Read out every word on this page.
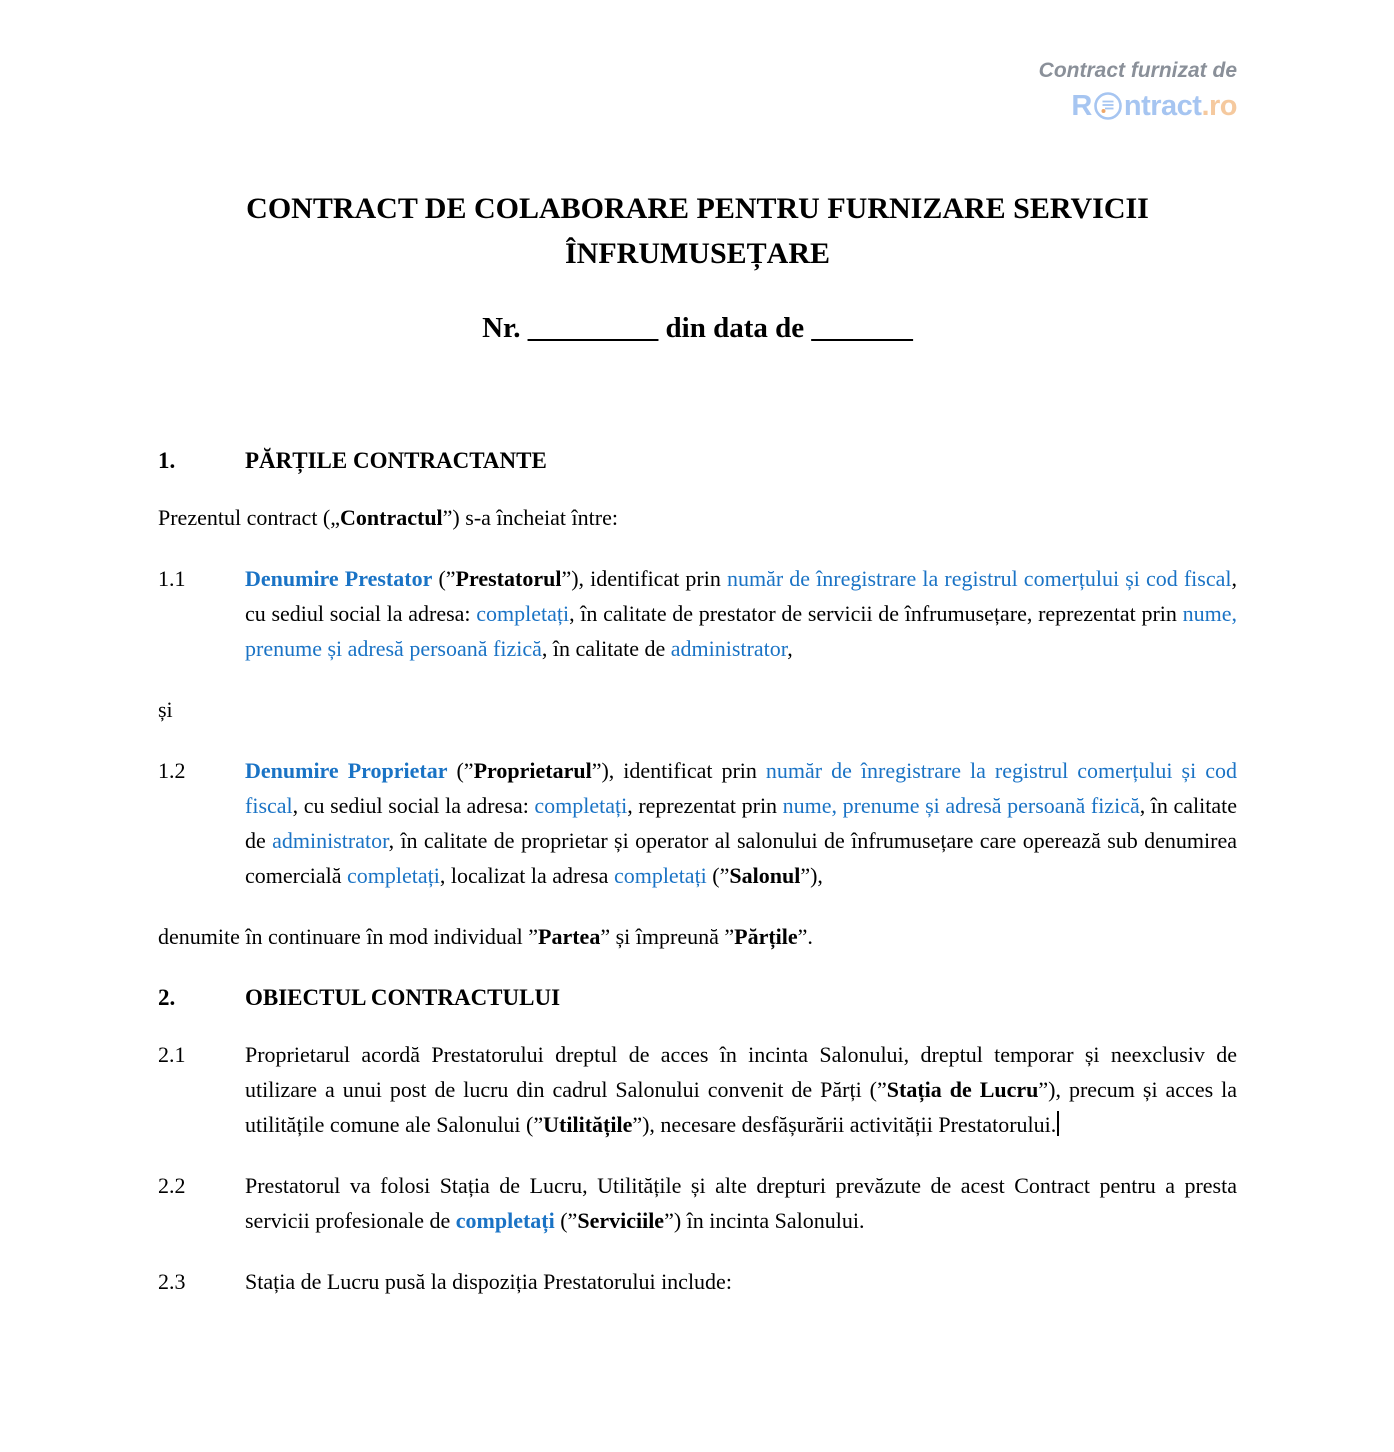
Contract furnizat de
R ntract .ro
CONTRACT DE COLABORARE PENTRU FURNIZARE SERVICII ÎNFRUMUSEȚARE
Nr. _________ din data de _______
1.	PĂRȚILE CONTRACTANTE
Prezentul contract („Contractul”) s-a încheiat între:
1.1	Denumire Prestator (”Prestatorul”), identificat prin număr de înregistrare la registrul comerțului și cod fiscal, cu sediul social la adresa: completați, în calitate de prestator de servicii de înfrumusețare, reprezentat prin nume, prenume și adresă persoană fizică, în calitate de administrator,
și
1.2	Denumire Proprietar (”Proprietarul”), identificat prin număr de înregistrare la registrul comerțului și cod fiscal, cu sediul social la adresa: completați, reprezentat prin nume, prenume și adresă persoană fizică, în calitate de administrator, în calitate de proprietar și operator al salonului de înfrumusețare care operează sub denumirea comercială completați, localizat la adresa completați (”Salonul”),
denumite în continuare în mod individual ”Partea” și împreună ”Părțile”.
2.	OBIECTUL CONTRACTULUI
2.1	Proprietarul acordă Prestatorului dreptul de acces în incinta Salonului, dreptul temporar și neexclusiv de utilizare a unui post de lucru din cadrul Salonului convenit de Părți (”Stația de Lucru”), precum și acces la utilitățile comune ale Salonului (”Utilitățile”), necesare desfășurării activității Prestatorului.
2.2	Prestatorul va folosi Stația de Lucru, Utilitățile și alte drepturi prevăzute de acest Contract pentru a presta servicii profesionale de completați (”Serviciile”) în incinta Salonului.
2.3	Stația de Lucru pusă la dispoziția Prestatorului include:
